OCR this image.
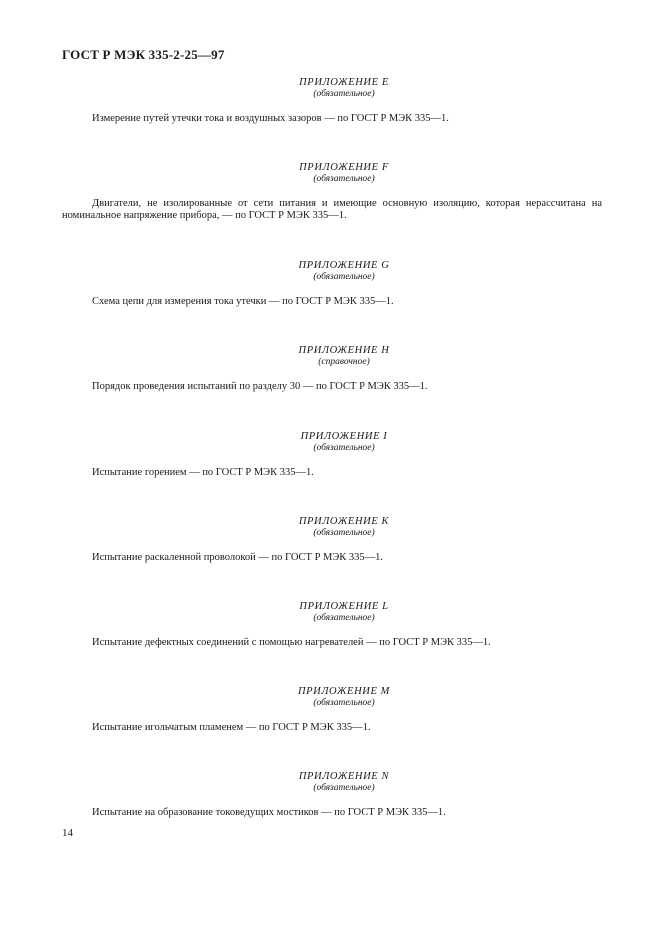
ГОСТ Р МЭК 335-2-25—97
ПРИЛОЖЕНИЕ Е
(обязательное)
Измерение путей утечки тока и воздушных зазоров — по ГОСТ Р МЭК 335—1.
ПРИЛОЖЕНИЕ F
(обязательное)
Двигатели, не изолированные от сети питания и имеющие основную изоляцию, которая нерассчитана на номинальное напряжение прибора, — по ГОСТ Р МЭК 335—1.
ПРИЛОЖЕНИЕ G
(обязательное)
Схема цепи для измерения тока утечки — по ГОСТ Р МЭК 335—1.
ПРИЛОЖЕНИЕ Н
(справочное)
Порядок проведения испытаний по разделу 30 — по ГОСТ Р МЭК 335—1.
ПРИЛОЖЕНИЕ I
(обязательное)
Испытание горением — по ГОСТ Р МЭК 335—1.
ПРИЛОЖЕНИЕ К
(обязательное)
Испытание раскаленной проволокой — по ГОСТ Р МЭК 335—1.
ПРИЛОЖЕНИЕ L
(обязательное)
Испытание дефектных соединений с помощью нагревателей — по ГОСТ Р МЭК 335—1.
ПРИЛОЖЕНИЕ М
(обязательное)
Испытание игольчатым пламенем — по ГОСТ Р МЭК 335—1.
ПРИЛОЖЕНИЕ N
(обязательное)
Испытание на образование токоведущих мостиков — по ГОСТ Р МЭК 335—1.
14
